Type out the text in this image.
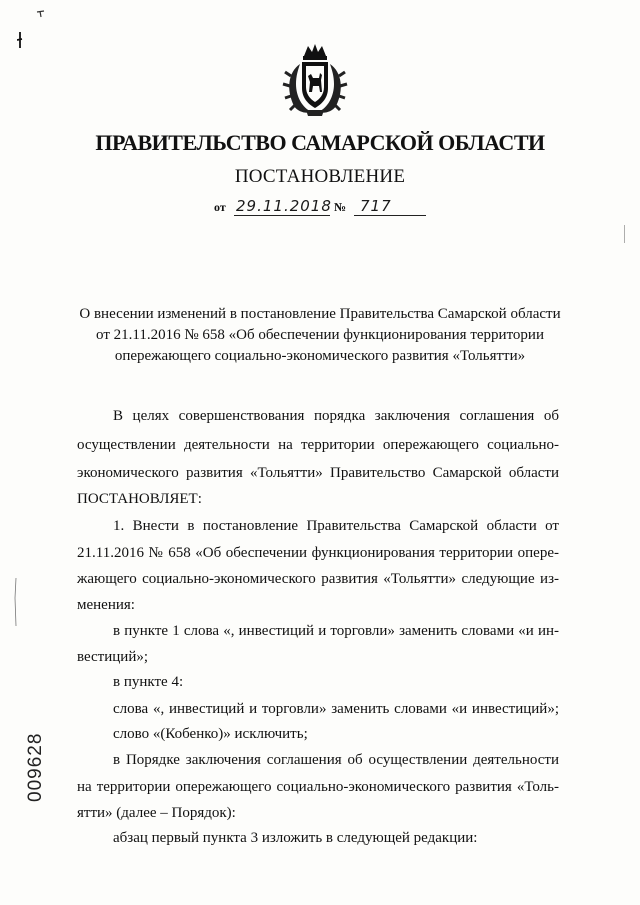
ПРАВИТЕЛЬСТВО САМАРСКОЙ ОБЛАСТИ
ПОСТАНОВЛЕНИЕ
от 29.11.2018 № 717
О внесении изменений в постановление Правительства Самарской области
от 21.11.2016 № 658 «Об обеспечении функционирования территории
опережающего социально-экономического развития «Тольятти»
В целях совершенствования порядка заключения соглашения об
осуществлении деятельности на территории опережающего социально-
экономического развития «Тольятти» Правительство Самарской области
ПОСТАНОВЛЯЕТ:
1. Внести в постановление Правительства Самарской области от
21.11.2016 № 658 «Об обеспечении функционирования территории опере-
жающего социально-экономического развития «Тольятти» следующие из-
менения:
в пункте 1 слова «, инвестиций и торговли» заменить словами «и ин-
вестиций»;
в пункте 4:
слова «, инвестиций и торговли» заменить словами «и инвестиций»;
слово «(Кобенко)» исключить;
в Порядке заключения соглашения об осуществлении деятельности
на территории опережающего социально-экономического развития «Толь-
ятти» (далее – Порядок):
абзац первый пункта 3 изложить в следующей редакции:
009628
